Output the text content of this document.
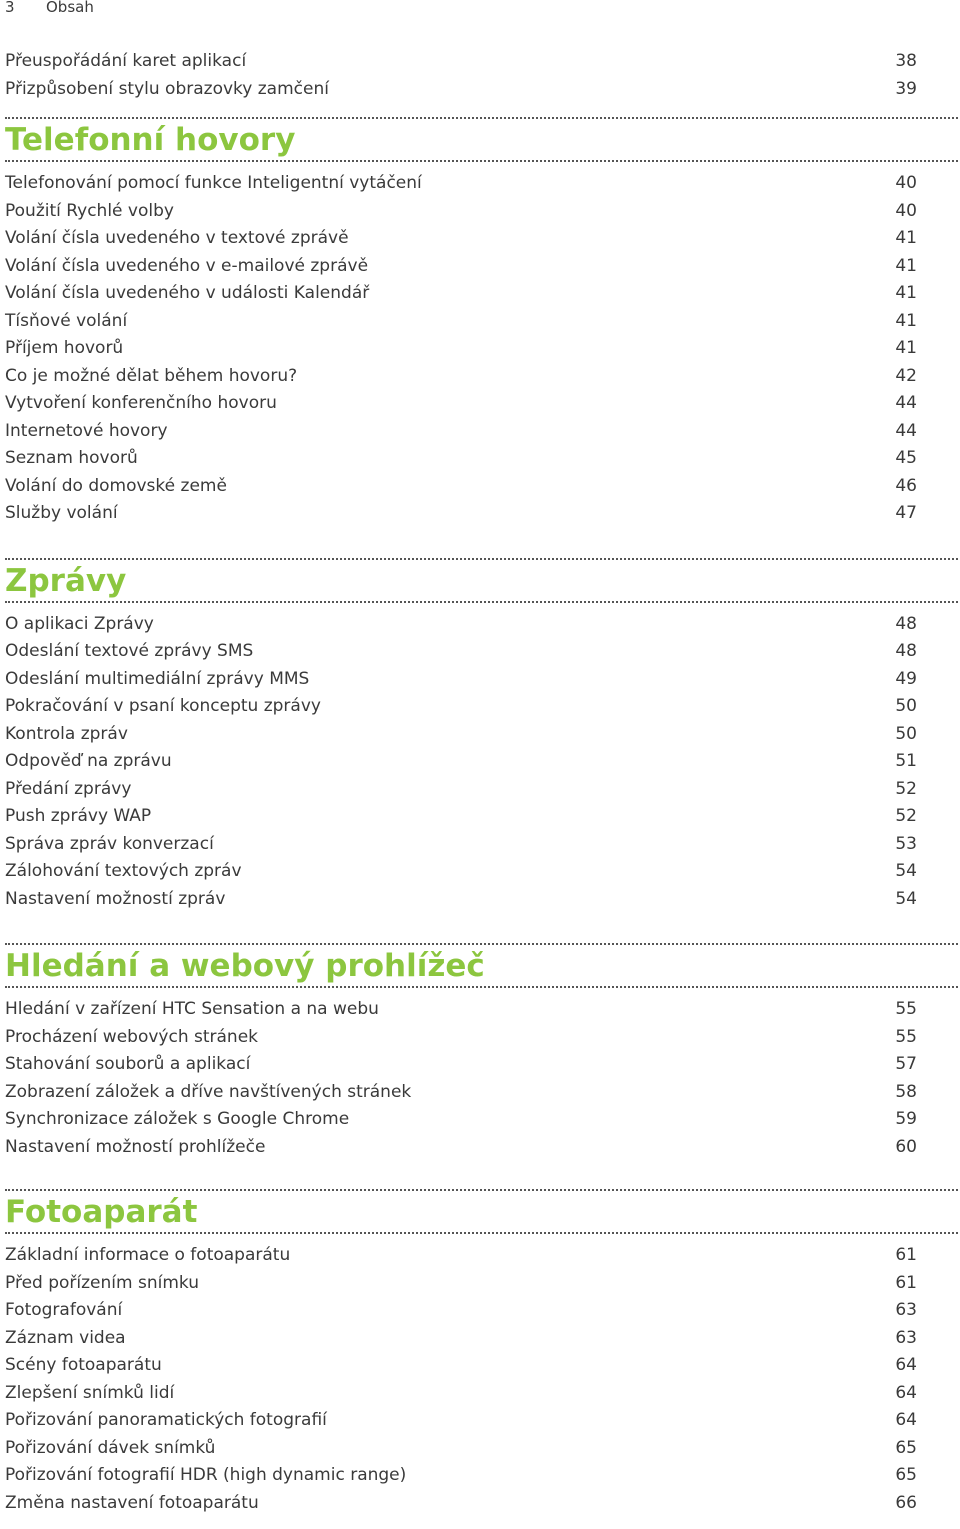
3 Obsah
Přeuspořádání karet aplikací	38
Přizpůsobení stylu obrazovky zamčení	39
Telefonní hovory
Telefonování pomocí funkce Inteligentní vytáčení	40
Použití Rychlé volby	40
Volání čísla uvedeného v textové zprávě	41
Volání čísla uvedeného v e-mailové zprávě	41
Volání čísla uvedeného v události Kalendář	41
Tísňové volání	41
Příjem hovorů	41
Co je možné dělat během hovoru?	42
Vytvoření konferenčního hovoru	44
Internetové hovory	44
Seznam hovorů	45
Volání do domovské země	46
Služby volání	47
Zprávy
O aplikaci Zprávy	48
Odeslání textové zprávy SMS	48
Odeslání multimediální zprávy MMS	49
Pokračování v psaní konceptu zprávy	50
Kontrola zpráv	50
Odpověď na zprávu	51
Předání zprávy	52
Push zprávy WAP	52
Správa zpráv konverzací	53
Zálohování textových zpráv	54
Nastavení možností zpráv	54
Hledání a webový prohlížeč
Hledání v zařízení HTC Sensation a na webu	55
Procházení webových stránek	55
Stahování souborů a aplikací	57
Zobrazení záložek a dříve navštívených stránek	58
Synchronizace záložek s Google Chrome	59
Nastavení možností prohlížeče	60
Fotoaparát
Základní informace o fotoaparátu	61
Před pořízením snímku	61
Fotografování	63
Záznam videa	63
Scény fotoaparátu	64
Zlepšení snímků lidí	64
Pořizování panoramatických fotografií	64
Pořizování dávek snímků	65
Pořizování fotografií HDR (high dynamic range)	65
Změna nastavení fotoaparátu	66
